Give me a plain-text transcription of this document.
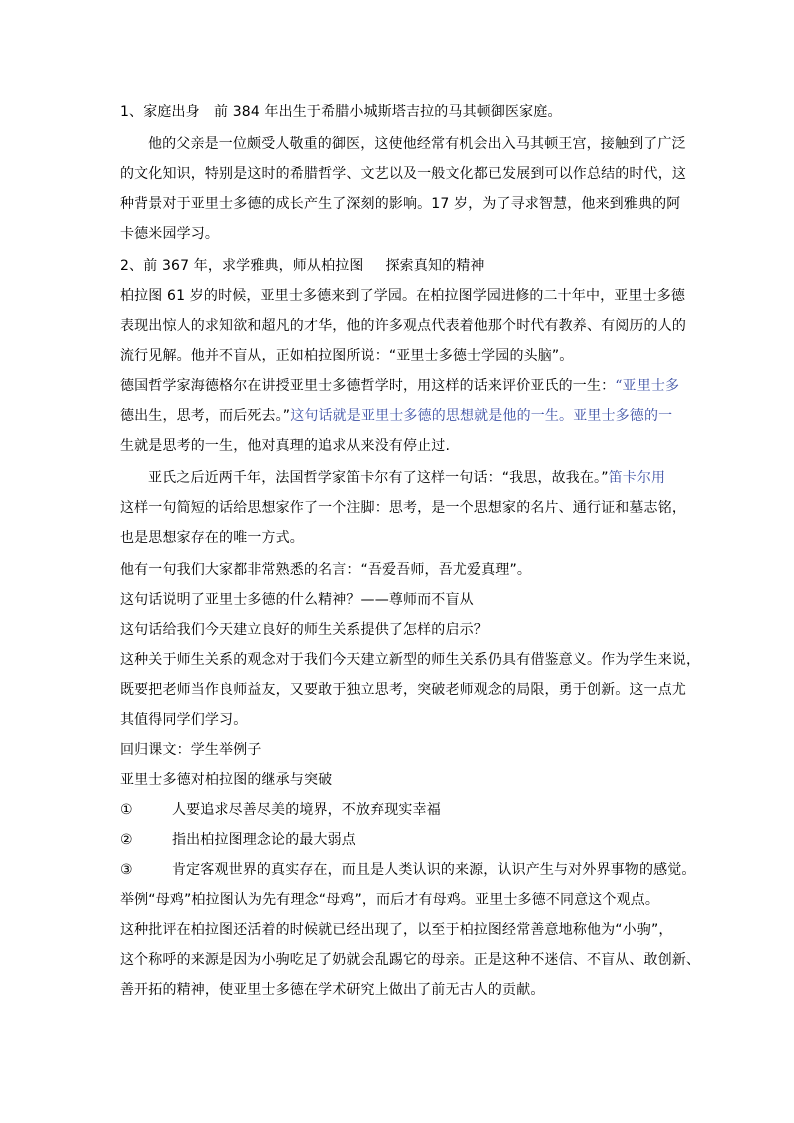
1、家庭出身　前 384 年出生于希腊小城斯塔吉拉的马其顿御医家庭。
他的父亲是一位颇受人敬重的御医，这使他经常有机会出入马其顿王宫，接触到了广泛
的文化知识，特别是这时的希腊哲学、文艺以及一般文化都已发展到可以作总结的时代，这
种背景对于亚里士多德的成长产生了深刻的影响。17 岁，为了寻求智慧，他来到雅典的阿
卡德米园学习。
2、前 367 年，求学雅典，师从柏拉图 探索真知的精神
柏拉图 61 岁的时候，亚里士多德来到了学园。在柏拉图学园进修的二十年中，亚里士多德
表现出惊人的求知欲和超凡的才华，他的许多观点代表着他那个时代有教养、有阅历的人的
流行见解。他并不盲从，正如柏拉图所说：“亚里士多德士学园的头脑”。
德国哲学家海德格尔在讲授亚里士多德哲学时，用这样的话来评价亚氏的一生：“亚里士多
德出生，思考，而后死去。”这句话就是亚里士多德的思想就是他的一生。亚里士多德的一
生就是思考的一生，他对真理的追求从来没有停止过.
亚氏之后近两千年，法国哲学家笛卡尔有了这样一句话：“我思，故我在。”笛卡尔用
这样一句简短的话给思想家作了一个注脚：思考，是一个思想家的名片、通行证和墓志铭，
也是思想家存在的唯一方式。
他有一句我们大家都非常熟悉的名言：“吾爱吾师，吾尤爱真理”。
这句话说明了亚里士多德的什么精神？——尊师而不盲从
这句话给我们今天建立良好的师生关系提供了怎样的启示？
这种关于师生关系的观念对于我们今天建立新型的师生关系仍具有借鉴意义。作为学生来说，
既要把老师当作良师益友，又要敢于独立思考，突破老师观念的局限，勇于创新。这一点尤
其值得同学们学习。
回归课文：学生举例子
亚里士多德对柏拉图的继承与突破
①	人要追求尽善尽美的境界，不放弃现实幸福
②	指出柏拉图理念论的最大弱点
③	肯定客观世界的真实存在，而且是人类认识的来源，认识产生与对外界事物的感觉。
举例“母鸡”柏拉图认为先有理念“母鸡”，而后才有母鸡。亚里士多德不同意这个观点。
这种批评在柏拉图还活着的时候就已经出现了，以至于柏拉图经常善意地称他为“小驹”，
这个称呼的来源是因为小驹吃足了奶就会乱踢它的母亲。正是这种不迷信、不盲从、敢创新、
善开拓的精神，使亚里士多德在学术研究上做出了前无古人的贡献。
